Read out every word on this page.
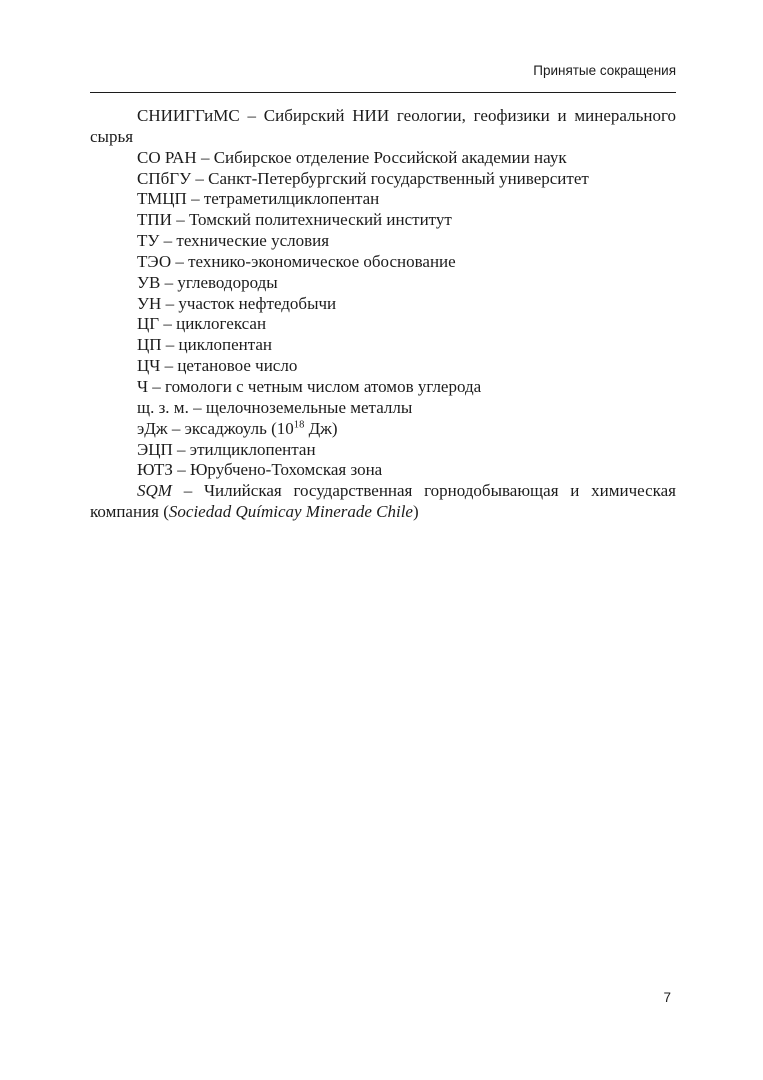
Принятые сокращения
СНИИГГиМС – Сибирский НИИ геологии, геофизики и минерального
сырья
СО РАН – Сибирское отделение Российской академии наук
СПбГУ – Санкт-Петербургский государственный университет
ТМЦП – тетраметилциклопентан
ТПИ – Томский политехнический институт
ТУ – технические условия
ТЭО – технико-экономическое обоснование
УВ – углеводороды
УН – участок нефтедобычи
ЦГ – циклогексан
ЦП – циклопентан
ЦЧ – цетановое число
Ч – гомологи с четным числом атомов углерода
щ. з. м. – щелочноземельные металлы
эДж – эксаджоуль ($10^{18}$ Дж)
ЭЦП – этилциклопентан
ЮТЗ – Юрубчено-Тохомская зона
SQM – Чилийская государственная горнодобывающая и химическая
компания (Sociedad Químicay Minerade Chile)
7
